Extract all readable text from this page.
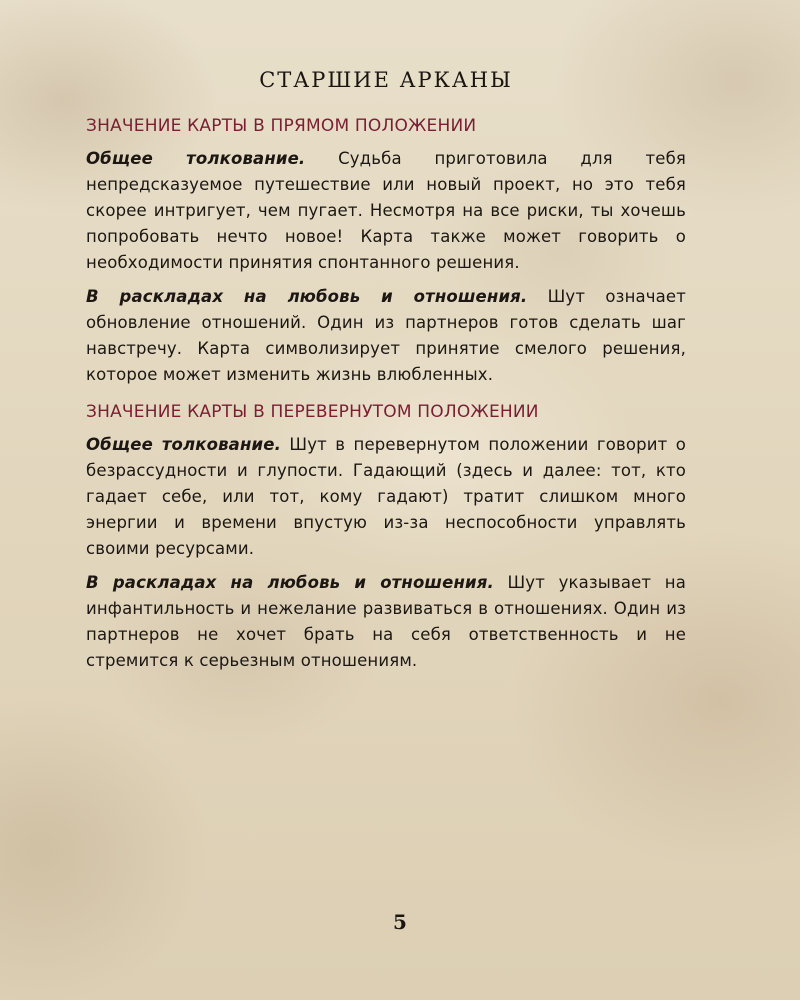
СТАРШИЕ АРКАНЫ
ЗНАЧЕНИЕ КАРТЫ В ПРЯМОМ ПОЛОЖЕНИИ

Общее толкование. Судьба приготовила для тебя непредсказуемое путешествие или новый проект, но это тебя скорее интригует, чем пугает. Несмотря на все риски, ты хочешь попробовать нечто новое! Карта также может говорить о необходимости принятия спонтанного решения.

В раскладах на любовь и отношения. Шут означает обновление отношений. Один из партнеров готов сделать шаг навстречу. Карта символизирует принятие смелого решения, которое может изменить жизнь влюбленных.

ЗНАЧЕНИЕ КАРТЫ В ПЕРЕВЕРНУТОМ ПОЛОЖЕНИИ

Общее толкование. Шут в перевернутом положении говорит о безрассудности и глупости. Гадающий (здесь и далее: тот, кто гадает себе, или тот, кому гадают) тратит слишком много энергии и времени впустую из-за неспособности управлять своими ресурсами.

В раскладах на любовь и отношения. Шут указывает на инфантильность и нежелание развиваться в отношениях. Один из партнеров не хочет брать на себя ответственность и не стремится к серьезным отношениям.

5
